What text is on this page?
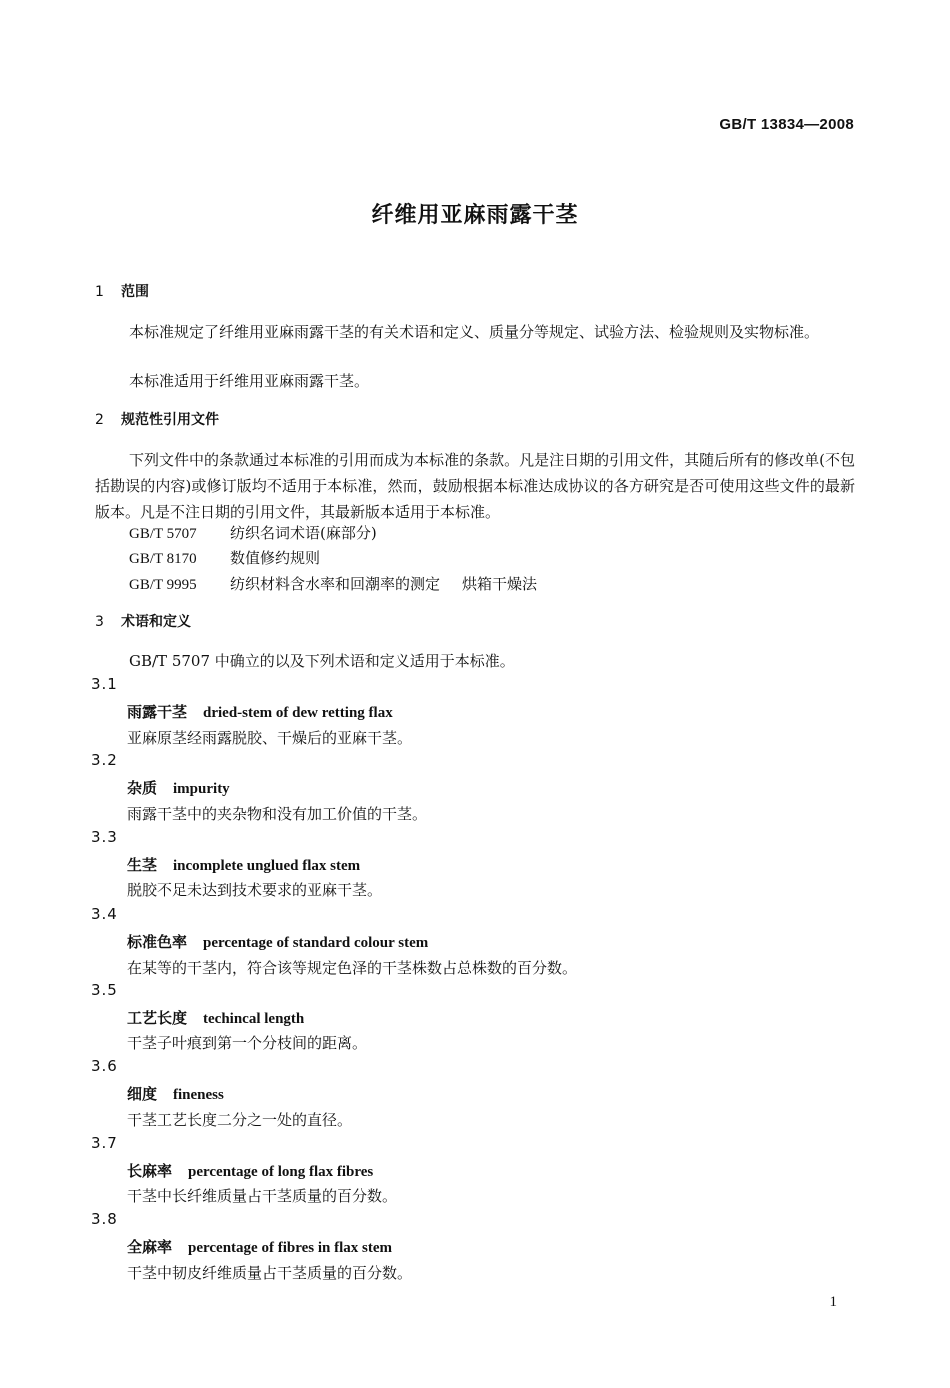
GB/T 13834—2008
纤维用亚麻雨露干茎
1 范围

本标准规定了纤维用亚麻雨露干茎的有关术语和定义、质量分等规定、试验方法、检验规则及实物标准。

本标准适用于纤维用亚麻雨露干茎。

2 规范性引用文件

下列文件中的条款通过本标准的引用而成为本标准的条款。凡是注日期的引用文件，其随后所有的修改单(不包括勘误的内容)或修订版均不适用于本标准，然而，鼓励根据本标准达成协议的各方研究是否可使用这些文件的最新版本。凡是不注日期的引用文件，其最新版本适用于本标准。

GB/T 5707 纺织名词术语(麻部分)
GB/T 8170 数值修约规则
GB/T 9995 纺织材料含水率和回潮率的测定 烘箱干燥法
3 术语和定义

GB/T 5707 中确立的以及下列术语和定义适用于本标准。

3.1
雨露干茎 dried-stem of dew retting flax
亚麻原茎经雨露脱胶、干燥后的亚麻干茎。
3.2
杂质 impurity
雨露干茎中的夹杂物和没有加工价值的干茎。
3.3
生茎 incomplete unglued flax stem
脱胶不足未达到技术要求的亚麻干茎。
3.4
标准色率 percentage of standard colour stem
在某等的干茎内，符合该等规定色泽的干茎株数占总株数的百分数。
3.5
工艺长度 techincal length
干茎子叶痕到第一个分枝间的距离。
3.6
细度 fineness
干茎工艺长度二分之一处的直径。
3.7
长麻率 percentage of long flax fibres
干茎中长纤维质量占干茎质量的百分数。
3.8
全麻率 percentage of fibres in flax stem
干茎中韧皮纤维质量占干茎质量的百分数。
1
